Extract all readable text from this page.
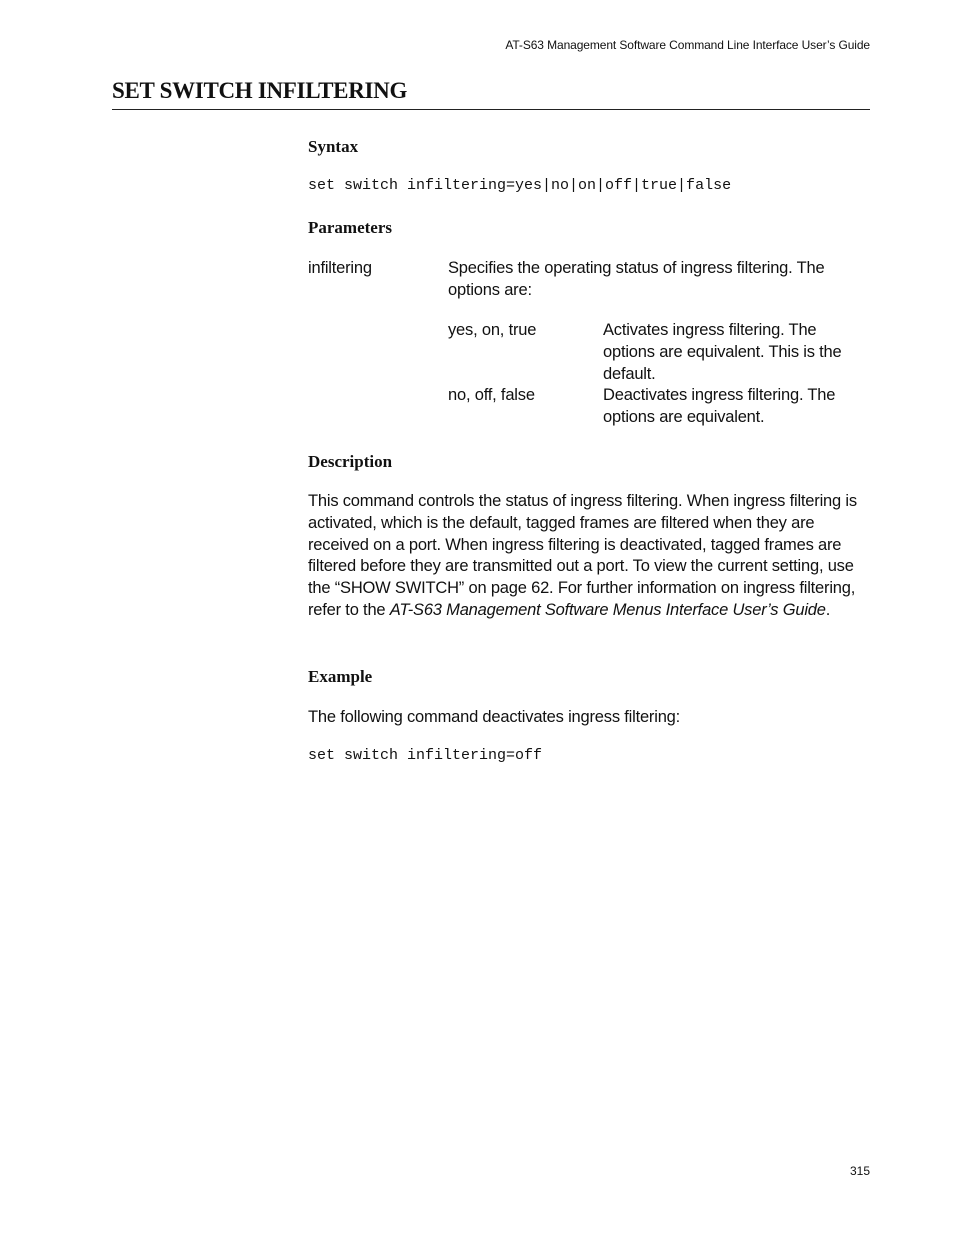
AT-S63 Management Software Command Line Interface User’s Guide
SET SWITCH INFILTERING
Syntax
set switch infiltering=yes|no|on|off|true|false
Parameters
infiltering	Specifies the operating status of ingress filtering. The options are:
yes, on, true	Activates ingress filtering. The options are equivalent. This is the default.
no, off, false	Deactivates ingress filtering. The options are equivalent.
Description

This command controls the status of ingress filtering. When ingress filtering is activated, which is the default, tagged frames are filtered when they are received on a port. When ingress filtering is deactivated, tagged frames are filtered before they are transmitted out a port. To view the current setting, use the “SHOW SWITCH” on page 62. For further information on ingress filtering, refer to the AT-S63 Management Software Menus Interface User’s Guide.

Example

The following command deactivates ingress filtering:

set switch infiltering=off
315
